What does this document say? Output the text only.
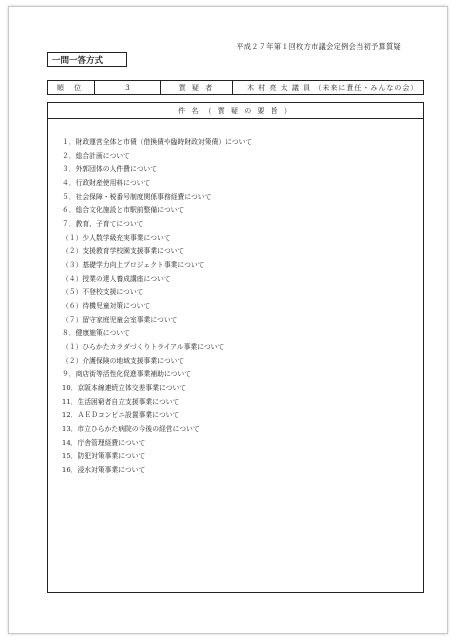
平成２７年第１回枚方市議会定例会当初予算質疑
一問一答方式
順 位	3	質 疑 者	木 村 亮 太 議 員 （未来に責任・みんなの会）
件 名 （ 質 疑 の 要 旨 ）
１．財政運営全体と市債（借換債や臨時財政対策債）について
２．総合計画について
３．外郭団体の人件費について
４．行政財産使用料について
５．社会保障・税番号制度関係事務経費について
６．総合文化施設と市駅前整備について
７．教育、子育てについて
（１）少人数学級充実事業について
（２）支援教育学校園支援事業について
（３）基礎学力向上プロジェクト事業について
（４）授業の達人養成講座について
（５）不登校支援について
（６）待機児童対策について
（７）留守家庭児童会室事業について
８．健康施策について
（１）ひらかたカラダづくりトライアル事業について
（２）介護保険の地域支援事業について
９．商店街等活性化促進事業補助について
10．京阪本線連続立体交差事業について
11．生活困窮者自立支援事業について
12．ＡＥＤコンビニ設置事業について
13．市立ひらかた病院の今後の経営について
14．庁舎管理経費について
15．防犯対策事業について
16．浸水対策事業について
